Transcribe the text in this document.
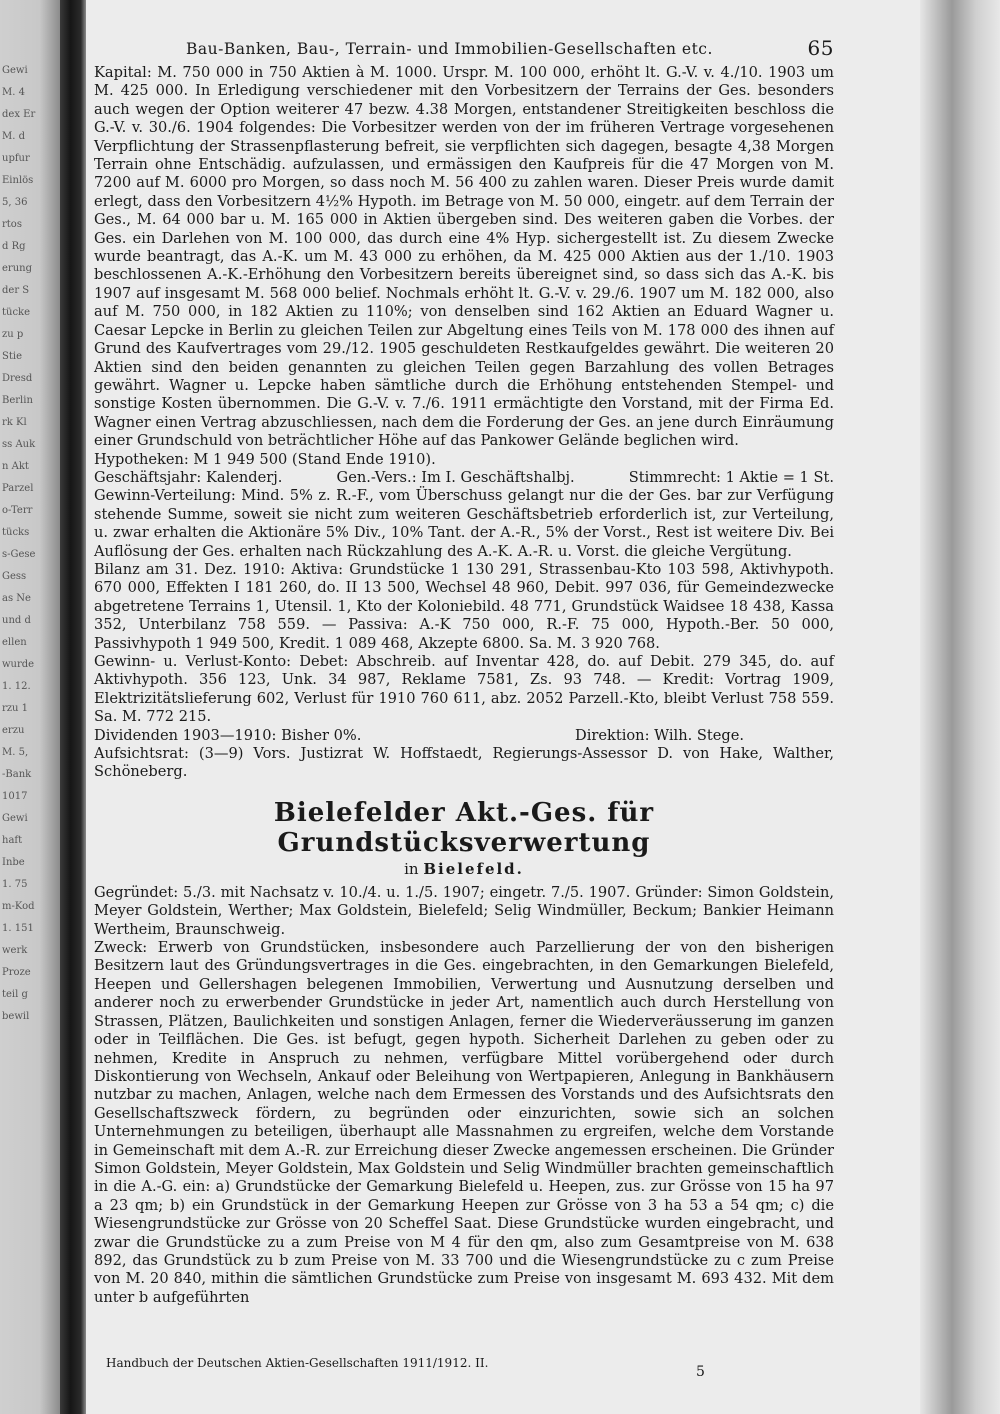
Gewi
M. 4
dex Er
M. d
upfur
Einlös
5, 36
rtos
d Rg
erung
der S
tücke
zu p
Stie
Dresd
Berlin
rk Kl
ss Auk
n Akt
Parzel
o-Terr
tücks
s-Gese
Gess
as Ne
und d
ellen
wurde
1. 12.
rzu 1
erzu
M. 5,
-Bank
1017
Gewi
haft
Inbe
1. 75
m-Kod
1. 151
werk
Proze
teil g
bewil
Bau-Banken, Bau-, Terrain- und Immobilien-Gesellschaften etc.	65

Kapital: M. 750 000 in 750 Aktien à M. 1000. Urspr. M. 100 000, erhöht lt. G.-V. v. 4./10. 1903 um M. 425 000. In Erledigung verschiedener mit den Vorbesitzern der Terrains der Ges. besonders auch wegen der Option weiterer 47 bezw. 4.38 Morgen, entstandener Streitigkeiten beschloss die G.-V. v. 30./6. 1904 folgendes: Die Vorbesitzer werden von der im früheren Vertrage vorgesehenen Verpflichtung der Strassenpflasterung befreit, sie verpflichten sich dagegen, besagte 4,38 Morgen Terrain ohne Entschädig. aufzulassen, und ermässigen den Kaufpreis für die 47 Morgen von M. 7200 auf M. 6000 pro Morgen, so dass noch M. 56 400 zu zahlen waren. Dieser Preis wurde damit erlegt, dass den Vorbesitzern 4½% Hypoth. im Betrage von M. 50 000, eingetr. auf dem Terrain der Ges., M. 64 000 bar u. M. 165 000 in Aktien übergeben sind. Des weiteren gaben die Vorbes. der Ges. ein Darlehen von M. 100 000, das durch eine 4% Hyp. sichergestellt ist. Zu diesem Zwecke wurde beantragt, das A.-K. um M. 43 000 zu erhöhen, da M. 425 000 Aktien aus der 1./10. 1903 beschlossenen A.-K.-Erhöhung den Vorbesitzern bereits übereignet sind, so dass sich das A.-K. bis 1907 auf insgesamt M. 568 000 belief. Nochmals erhöht lt. G.-V. v. 29./6. 1907 um M. 182 000, also auf M. 750 000, in 182 Aktien zu 110%; von denselben sind 162 Aktien an Eduard Wagner u. Caesar Lepcke in Berlin zu gleichen Teilen zur Abgeltung eines Teils von M. 178 000 des ihnen auf Grund des Kaufvertrages vom 29./12. 1905 geschuldeten Restkaufgeldes gewährt. Die weiteren 20 Aktien sind den beiden genannten zu gleichen Teilen gegen Barzahlung des vollen Betrages gewährt. Wagner u. Lepcke haben sämtliche durch die Erhöhung entstehenden Stempel- und sonstige Kosten übernommen. Die G.-V. v. 7./6. 1911 ermächtigte den Vorstand, mit der Firma Ed. Wagner einen Vertrag abzuschliessen, nach dem die Forderung der Ges. an jene durch Einräumung einer Grundschuld von beträchtlicher Höhe auf das Pankower Gelände beglichen wird.

Hypotheken: M 1 949 500 (Stand Ende 1910).

Geschäftsjahr: Kalenderj.	Gen.-Vers.: Im I. Geschäftshalbj.	Stimmrecht: 1 Aktie = 1 St.

Gewinn-Verteilung: Mind. 5% z. R.-F., vom Überschuss gelangt nur die der Ges. bar zur Verfügung stehende Summe, soweit sie nicht zum weiteren Geschäftsbetrieb erforderlich ist, zur Verteilung, u. zwar erhalten die Aktionäre 5% Div., 10% Tant. der A.-R., 5% der Vorst., Rest ist weitere Div. Bei Auflösung der Ges. erhalten nach Rückzahlung des A.-K. A.-R. u. Vorst. die gleiche Vergütung.

Bilanz am 31. Dez. 1910: Aktiva: Grundstücke 1 130 291, Strassenbau-Kto 103 598, Aktivhypoth. 670 000, Effekten I 181 260, do. II 13 500, Wechsel 48 960, Debit. 997 036, für Gemeindezwecke abgetretene Terrains 1, Utensil. 1, Kto der Koloniebild. 48 771, Grundstück Waidsee 18 438, Kassa 352, Unterbilanz 758 559. — Passiva: A.-K 750 000, R.-F. 75 000, Hypoth.-Ber. 50 000, Passivhypoth 1 949 500, Kredit. 1 089 468, Akzepte 6800. Sa. M. 3 920 768.

Gewinn- u. Verlust-Konto: Debet: Abschreib. auf Inventar 428, do. auf Debit. 279 345, do. auf Aktivhypoth. 356 123, Unk. 34 987, Reklame 7581, Zs. 93 748. — Kredit: Vortrag 1909, Elektrizitätslieferung 602, Verlust für 1910 760 611, abz. 2052 Parzell.-Kto, bleibt Verlust 758 559. Sa. M. 772 215.

Dividenden 1903—1910: Bisher 0%.	Direktion: Wilh. Stege.

Aufsichtsrat: (3—9) Vors. Justizrat W. Hoffstaedt, Regierungs-Assessor D. von Hake, Walther, Schöneberg.

Bielefelder Akt.-Ges. für Grundstücksverwertung
in Bielefeld.

Gegründet: 5./3. mit Nachsatz v. 10./4. u. 1./5. 1907; eingetr. 7./5. 1907. Gründer: Simon Goldstein, Meyer Goldstein, Werther; Max Goldstein, Bielefeld; Selig Windmüller, Beckum; Bankier Heimann Wertheim, Braunschweig.

Zweck: Erwerb von Grundstücken, insbesondere auch Parzellierung der von den bisherigen Besitzern laut des Gründungsvertrages in die Ges. eingebrachten, in den Gemarkungen Bielefeld, Heepen und Gellershagen belegenen Immobilien, Verwertung und Ausnutzung derselben und anderer noch zu erwerbender Grundstücke in jeder Art, namentlich auch durch Herstellung von Strassen, Plätzen, Baulichkeiten und sonstigen Anlagen, ferner die Wiederveräusserung im ganzen oder in Teilflächen. Die Ges. ist befugt, gegen hypoth. Sicherheit Darlehen zu geben oder zu nehmen, Kredite in Anspruch zu nehmen, verfügbare Mittel vorübergehend oder durch Diskontierung von Wechseln, Ankauf oder Beleihung von Wertpapieren, Anlegung in Bankhäusern nutzbar zu machen, Anlagen, welche nach dem Ermessen des Vorstands und des Aufsichtsrats den Gesellschaftszweck fördern, zu begründen oder einzurichten, sowie sich an solchen Unternehmungen zu beteiligen, überhaupt alle Massnahmen zu ergreifen, welche dem Vorstande in Gemeinschaft mit dem A.-R. zur Erreichung dieser Zwecke angemessen erscheinen. Die Gründer Simon Goldstein, Meyer Goldstein, Max Goldstein und Selig Windmüller brachten gemeinschaftlich in die A.-G. ein: a) Grundstücke der Gemarkung Bielefeld u. Heepen, zus. zur Grösse von 15 ha 97 a 23 qm; b) ein Grundstück in der Gemarkung Heepen zur Grösse von 3 ha 53 a 54 qm; c) die Wiesengrundstücke zur Grösse von 20 Scheffel Saat. Diese Grundstücke wurden eingebracht, und zwar die Grundstücke zu a zum Preise von M 4 für den qm, also zum Gesamtpreise von M. 638 892, das Grundstück zu b zum Preise von M. 33 700 und die Wiesengrundstücke zu c zum Preise von M. 20 840, mithin die sämtlichen Grundstücke zum Preise von insgesamt M. 693 432. Mit dem unter b aufgeführten

Handbuch der Deutschen Aktien-Gesellschaften 1911/1912. II.
5
